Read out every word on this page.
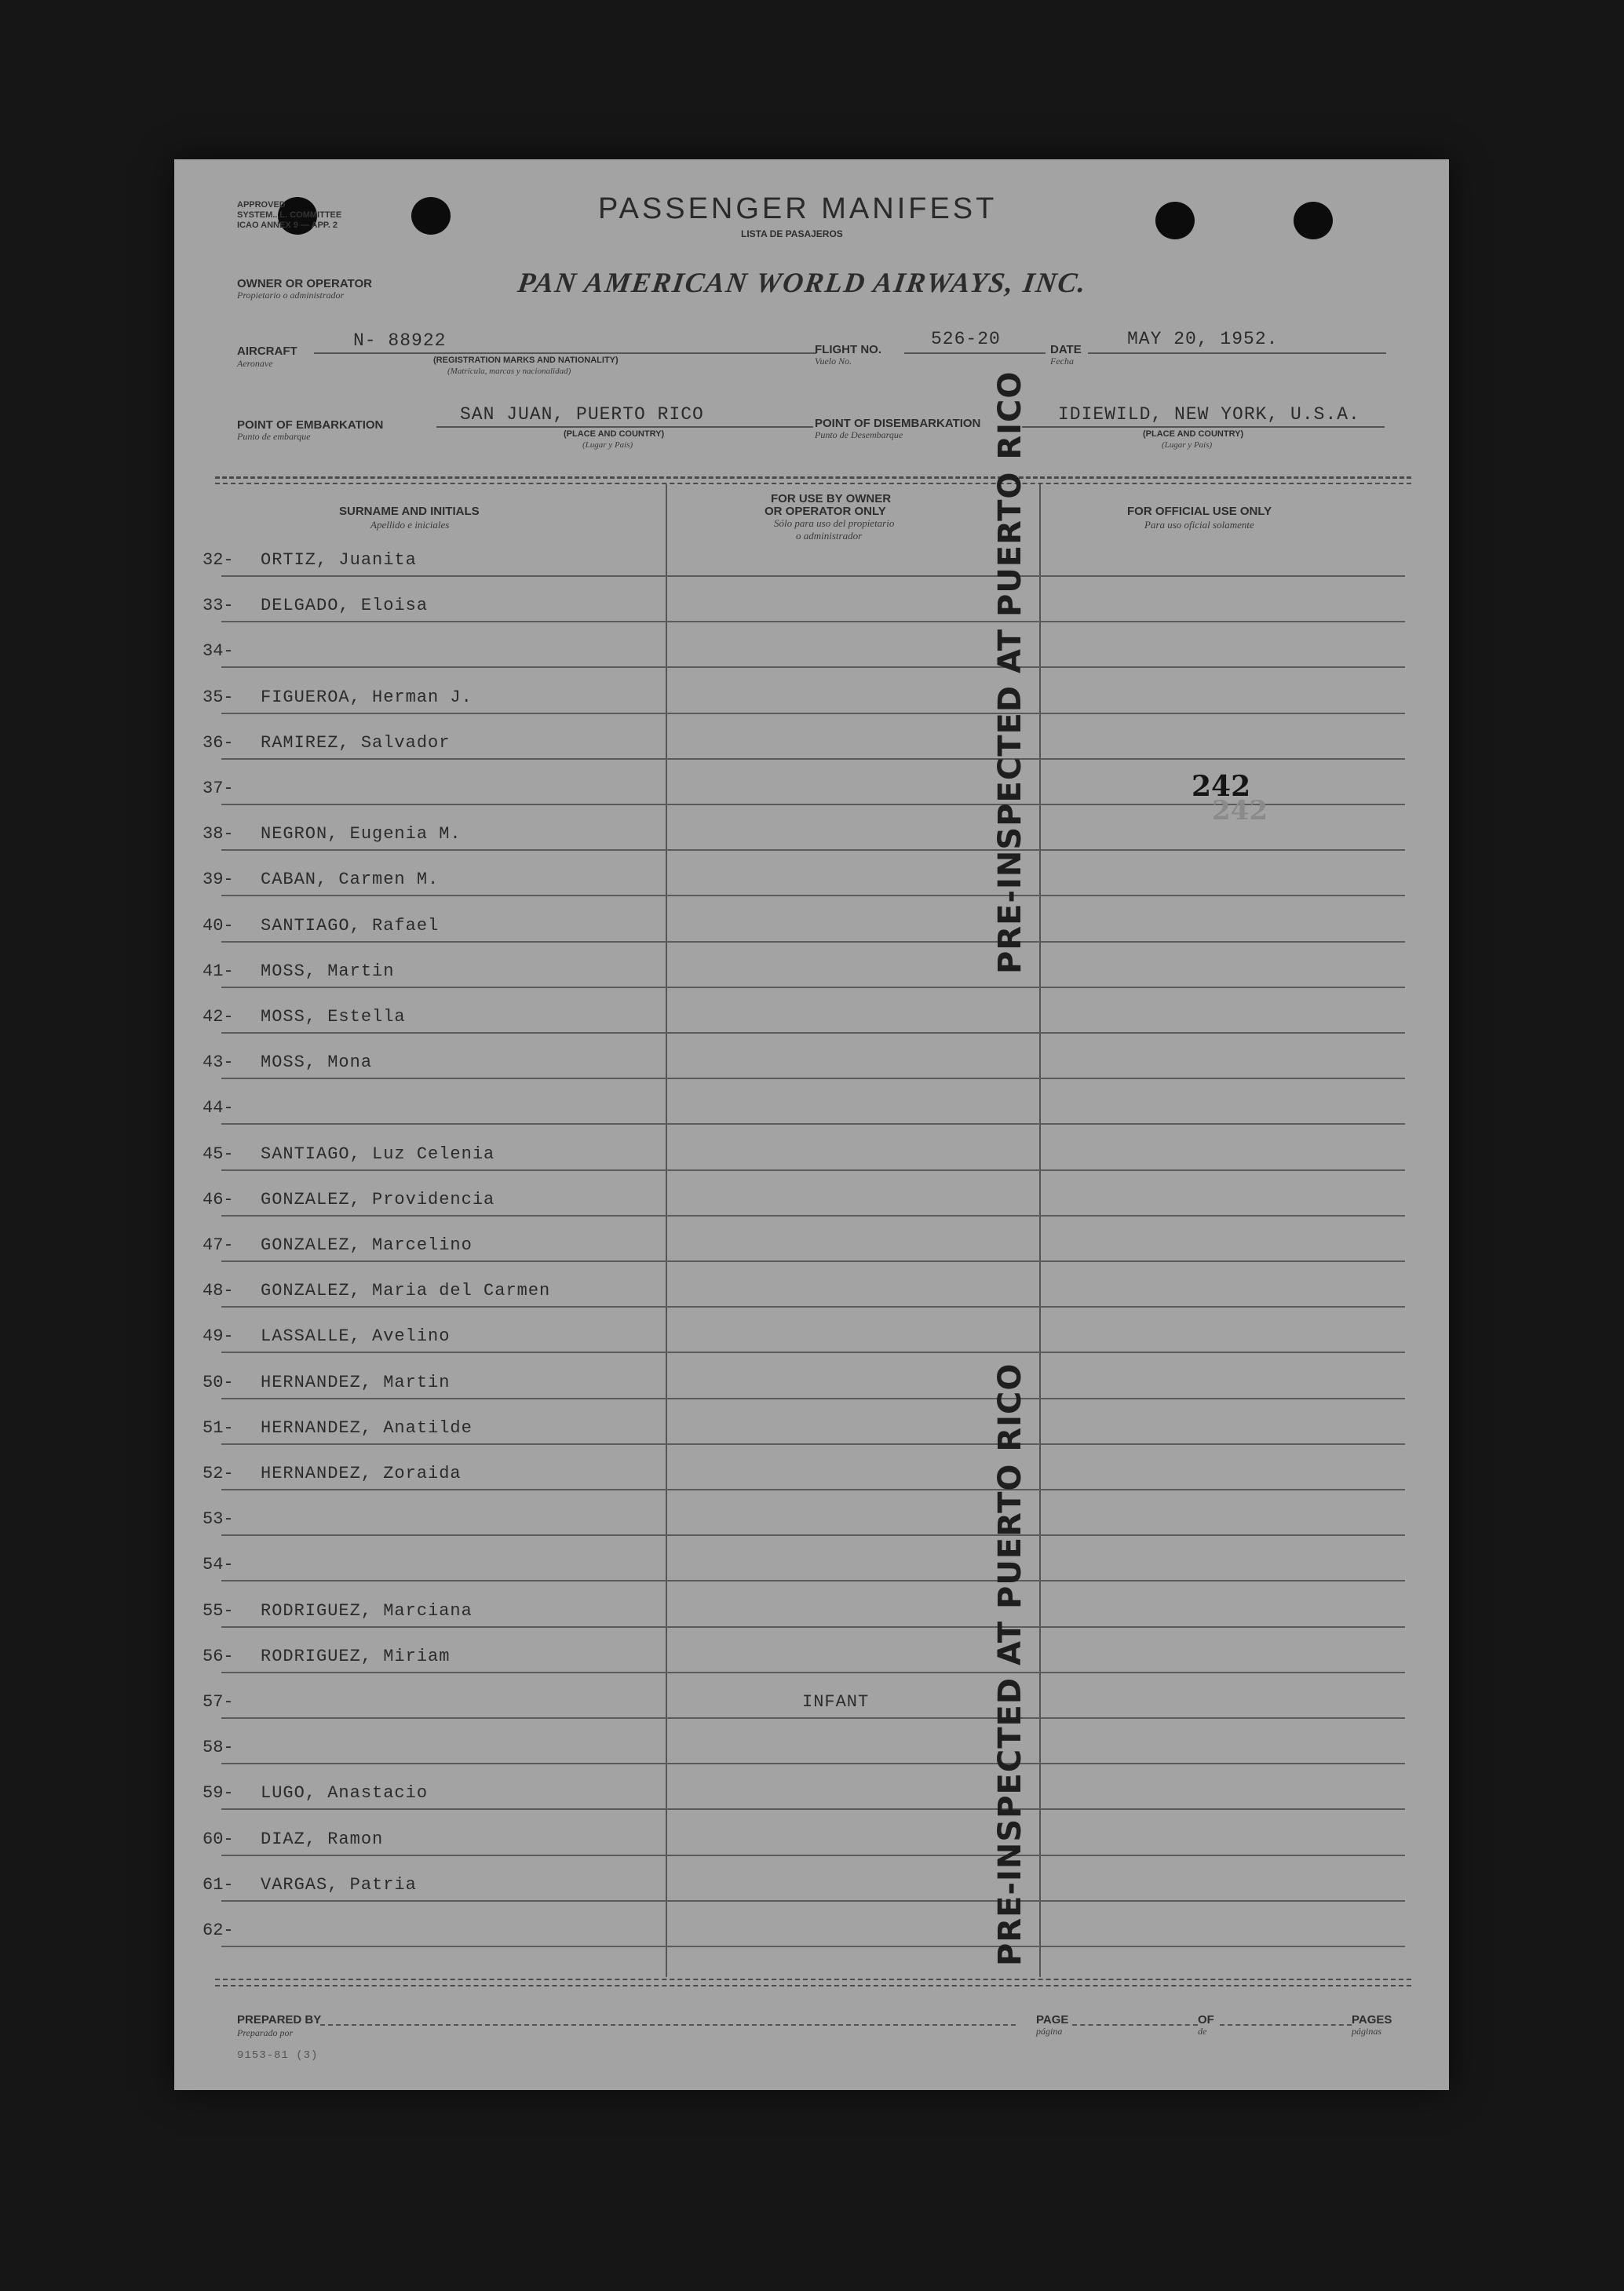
APPROVED
SYSTEM...L. COMMITTEE
ICAO ANNEX 9 — APP. 2	PASSENGER MANIFEST
LISTA DE PASAJEROS
OWNER OR OPERATOR
Propietario o administrador	PAN AMERICAN WORLD AIRWAYS, INC.
AIRCRAFT
Aeronave
N- 88922
(REGISTRATION MARKS AND NATIONALITY)
(Matrícula, marcas y nacionalidad)
FLIGHT NO.
Vuelo No.
526-20
DATE
Fecha
MAY 20, 1952.
POINT OF EMBARKATION
Punto de embarque
SAN JUAN, PUERTO RICO
(PLACE AND COUNTRY)
(Lugar y País)
POINT OF DISEMBARKATION
Punto de Desembarque
IDIEWILD, NEW YORK, U.S.A.
(PLACE AND COUNTRY)
(Lugar y País)
SURNAME AND INITIALS
Apellido e iniciales
FOR USE BY OWNER
OR OPERATOR ONLY
Sólo para uso del propietario
o administrador
FOR OFFICIAL USE ONLY
Para uso oficial solamente
32- ORTIZ, Juanita
33- DELGADO, Eloisa
34-
35- FIGUEROA, Herman J.
36- RAMIREZ, Salvador
37-
38- NEGRON, Eugenia M.
39- CABAN, Carmen M.
40- SANTIAGO, Rafael
41- MOSS, Martin
42- MOSS, Estella
43- MOSS, Mona
44-
45- SANTIAGO, Luz Celenia
46- GONZALEZ, Providencia
47- GONZALEZ, Marcelino
48- GONZALEZ, Maria del Carmen
49- LASSALLE, Avelino
50- HERNANDEZ, Martin
51- HERNANDEZ, Anatilde
52- HERNANDEZ, Zoraida
53-
54-
55- RODRIGUEZ, Marciana
56- RODRIGUEZ, Miriam
57-	INFANT
58-
59- LUGO, Anastacio
60- DIAZ, Ramon
61- VARGAS, Patria
62-
PRE-INSPECTED AT PUERTO RICO
PRE-INSPECTED AT PUERTO RICO
242
242
PREPARED BY
Preparado por
PAGE
página
OF
de
PAGES
páginas
9153-81 (3)
